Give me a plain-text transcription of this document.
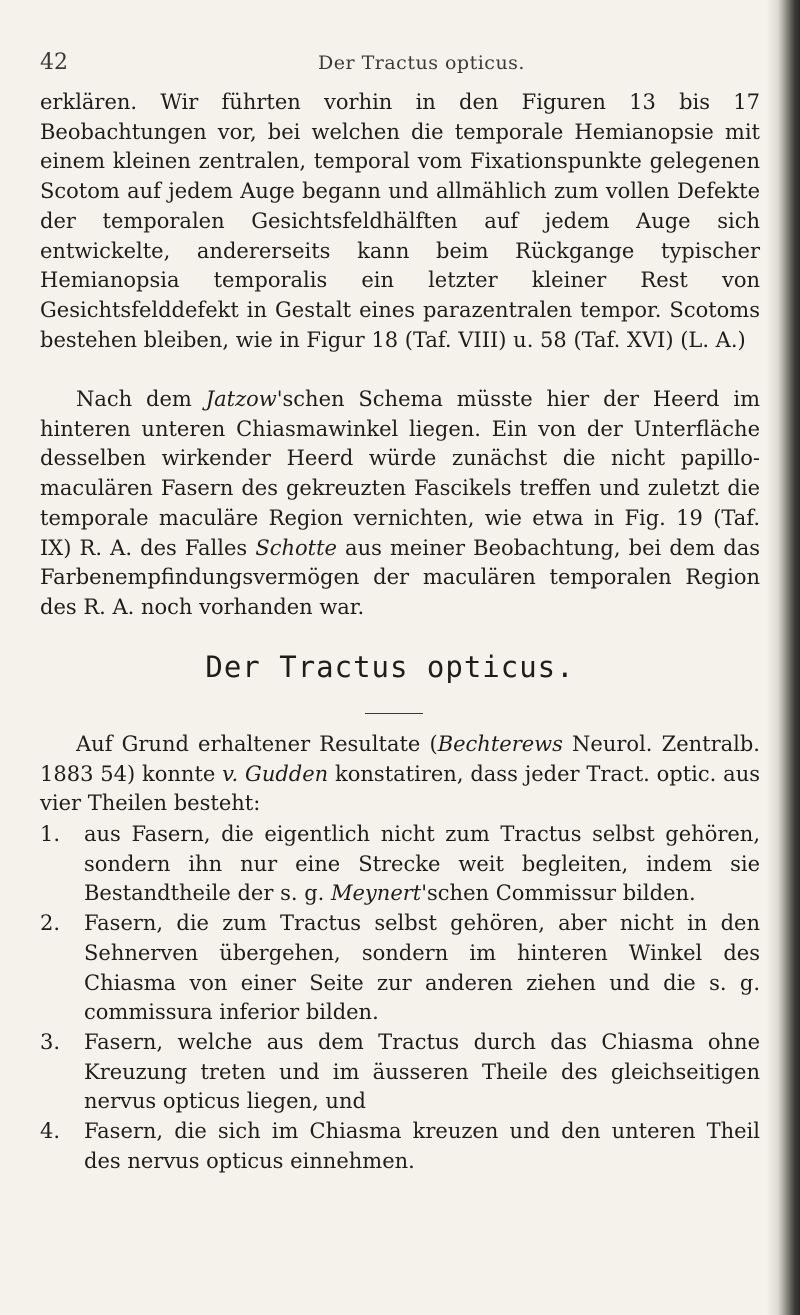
42	Der Tractus opticus.

erklären. Wir führten vorhin in den Figuren 13 bis 17 Beobachtungen vor, bei welchen die temporale Hemianopsie mit einem kleinen zentralen, temporal vom Fixationspunkte gelegenen Scotom auf jedem Auge begann und allmählich zum vollen Defekte der temporalen Gesichtsfeldhälften auf jedem Auge sich entwickelte, andererseits kann beim Rückgange typischer Hemianopsia temporalis ein letzter kleiner Rest von Gesichtsfelddefekt in Gestalt eines parazentralen tempor. Scotoms bestehen bleiben, wie in Figur 18 (Taf. VIII) u. 58 (Taf. XVI) (L. A.)

Nach dem Jatzow'schen Schema müsste hier der Heerd im hinteren unteren Chiasmawinkel liegen. Ein von der Unterfläche desselben wirkender Heerd würde zunächst die nicht papillo-maculären Fasern des gekreuzten Fascikels treffen und zuletzt die temporale maculäre Region vernichten, wie etwa in Fig. 19 (Taf. IX) R. A. des Falles Schotte aus meiner Beobachtung, bei dem das Farbenempfindungsvermögen der maculären temporalen Region des R. A. noch vorhanden war.

Der Tractus opticus.

Auf Grund erhaltener Resultate (Bechterews Neurol. Zentralb. 1883 54) konnte v. Gudden konstatiren, dass jeder Tract. optic. aus vier Theilen besteht:

1. aus Fasern, die eigentlich nicht zum Tractus selbst gehören, sondern ihn nur eine Strecke weit begleiten, indem sie Bestandtheile der s. g. Meynert'schen Commissur bilden.
2. Fasern, die zum Tractus selbst gehören, aber nicht in den Sehnerven übergehen, sondern im hinteren Winkel des Chiasma von einer Seite zur anderen ziehen und die s. g. commissura inferior bilden.
3. Fasern, welche aus dem Tractus durch das Chiasma ohne Kreuzung treten und im äusseren Theile des gleichseitigen nervus opticus liegen, und
4. Fasern, die sich im Chiasma kreuzen und den unteren Theil des nervus opticus einnehmen.
